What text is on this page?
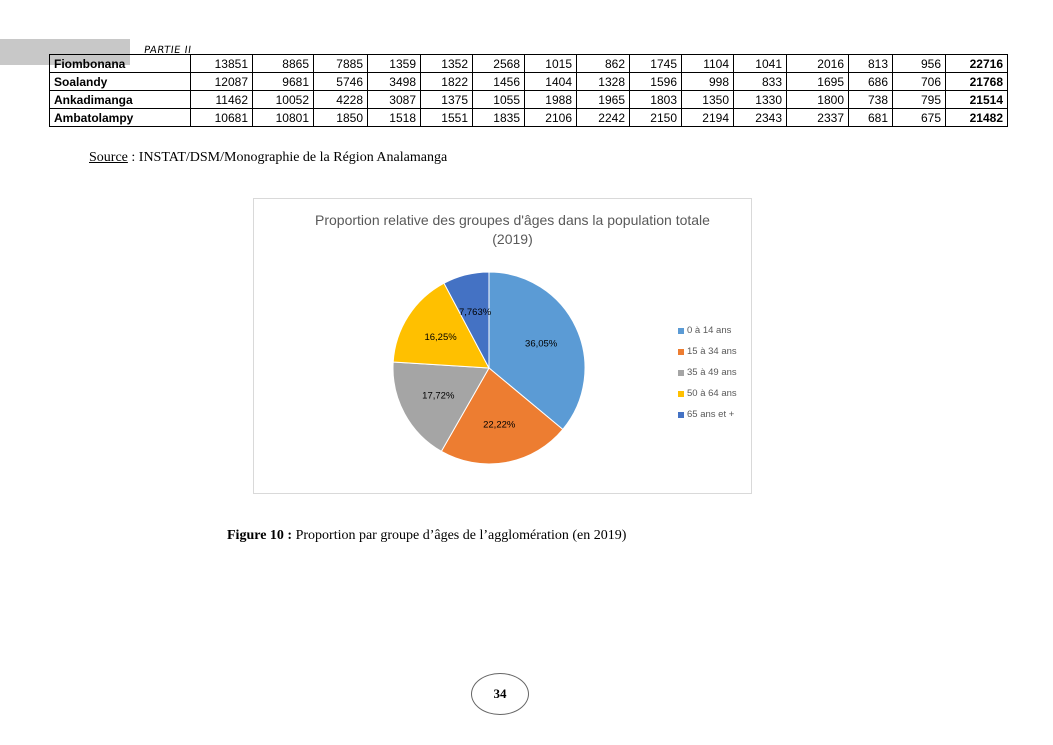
PARTIE II
Fiombonana	13851	8865	7885	1359	1352	2568	1015	862	1745	1104	1041	2016	813	956	22716
Soalandy	12087	9681	5746	3498	1822	1456	1404	1328	1596	998	833	1695	686	706	21768
Ankadimanga	11462	10052	4228	3087	1375	1055	1988	1965	1803	1350	1330	1800	738	795	21514
Ambatolampy	10681	10801	1850	1518	1551	1835	2106	2242	2150	2194	2343	2337	681	675	21482
Source : INSTAT/DSM/Monographie de la Région Analamanga
Proportion relative des groupes d'âges dans la population totale
(2019)
36,05%
22,22%
17,72%
16,25%
7,763%
0 à 14 ans
15 à 34 ans
35 à 49 ans
50 à 64 ans
65 ans et +
Figure 10 : Proportion par groupe d’âges de l’agglomération (en 2019)
34
